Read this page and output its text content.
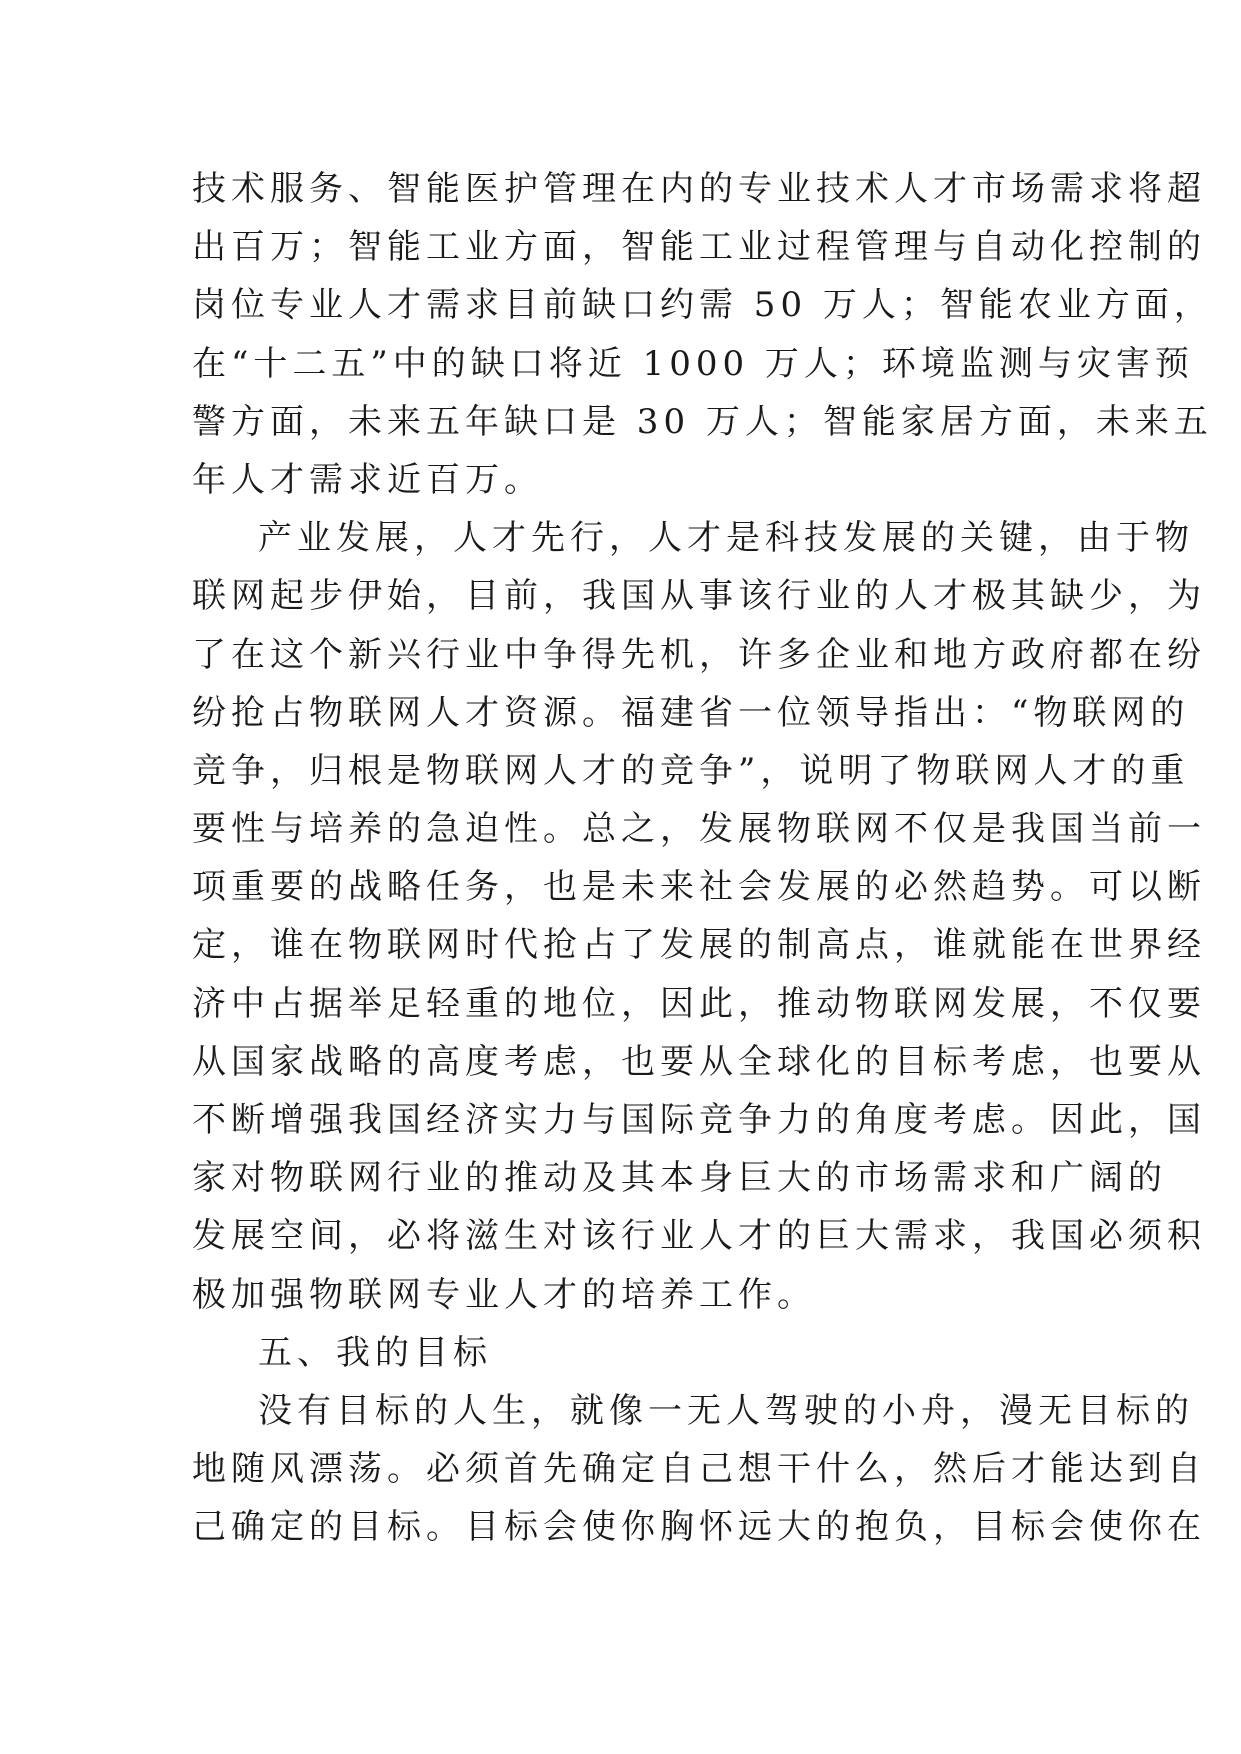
技术服务、智能医护管理在内的专业技术人才市场需求将超
出百万；智能工业方面，智能工业过程管理与自动化控制的
岗位专业人才需求目前缺口约需 50 万人；智能农业方面，
在“十二五”中的缺口将近 1000 万人；环境监测与灾害预
警方面，未来五年缺口是 30 万人；智能家居方面，未来五
年人才需求近百万。
产业发展，人才先行，人才是科技发展的关键，由于物
联网起步伊始，目前，我国从事该行业的人才极其缺少，为
了在这个新兴行业中争得先机，许多企业和地方政府都在纷
纷抢占物联网人才资源。福建省一位领导指出：“物联网的
竞争，归根是物联网人才的竞争”，说明了物联网人才的重
要性与培养的急迫性。总之，发展物联网不仅是我国当前一
项重要的战略任务，也是未来社会发展的必然趋势。可以断
定，谁在物联网时代抢占了发展的制高点，谁就能在世界经
济中占据举足轻重的地位，因此，推动物联网发展，不仅要
从国家战略的高度考虑，也要从全球化的目标考虑，也要从
不断增强我国经济实力与国际竞争力的角度考虑。因此，国
家对物联网行业的推动及其本身巨大的市场需求和广阔的
发展空间，必将滋生对该行业人才的巨大需求，我国必须积
极加强物联网专业人才的培养工作。
五、我的目标
没有目标的人生，就像一无人驾驶的小舟，漫无目标的
地随风漂荡。必须首先确定自己想干什么，然后才能达到自
己确定的目标。目标会使你胸怀远大的抱负，目标会使你在
